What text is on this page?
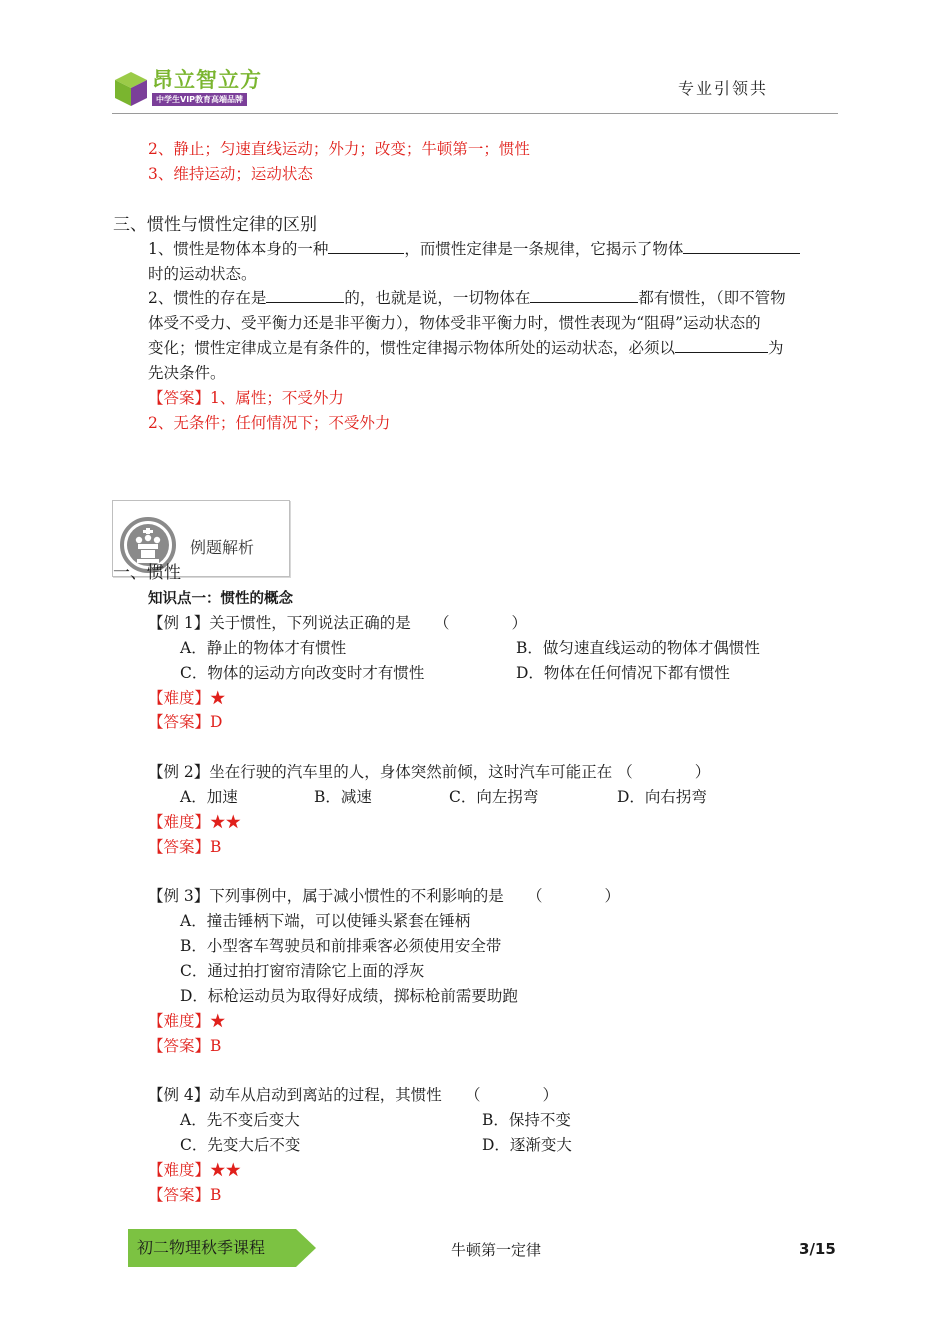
昂立智立方
中学生VIP教育高端品牌
专业引领共
2、静止；匀速直线运动；外力；改变；牛顿第一；惯性
3、维持运动；运动状态
三、惯性与惯性定律的区别
1、惯性是物体本身的一种	，而惯性定律是一条规律，它揭示了物体
时的运动状态。
2、惯性的存在是	的，也就是说，一切物体在	都有惯性，（即不管物
体受不受力、受平衡力还是非平衡力），物体受非平衡力时，惯性表现为“阻碍”运动状态的
变化；惯性定律成立是有条件的，惯性定律揭示物体所处的运动状态，必须以	为
先决条件。
【答案】1、属性；不受外力
2、无条件；任何情况下；不受外力
例题解析
一、惯性
知识点一：惯性的概念
【例 1】关于惯性，下列说法正确的是　　（　　　　）
A．静止的物体才有惯性	B．做匀速直线运动的物体才偶惯性
C．物体的运动方向改变时才有惯性	D．物体在任何情况下都有惯性
【难度】★
【答案】D
【例 2】坐在行驶的汽车里的人，身体突然前倾，这时汽车可能正在 （　　　　）
A．加速	B．减速	C．向左拐弯	D．向右拐弯
【难度】★★
【答案】B
【例 3】下列事例中，属于减小惯性的不利影响的是　　（　　　　）
A．撞击锤柄下端，可以使锤头紧套在锤柄
B．小型客车驾驶员和前排乘客必须使用安全带
C．通过拍打窗帘清除它上面的浮灰
D．标枪运动员为取得好成绩，掷标枪前需要助跑
【难度】★
【答案】B
【例 4】动车从启动到离站的过程，其惯性　　（　　　　）
A．先不变后变大	B．保持不变
C．先变大后不变	D．逐渐变大
【难度】★★
【答案】B
初二物理秋季课程	牛顿第一定律	3/15
